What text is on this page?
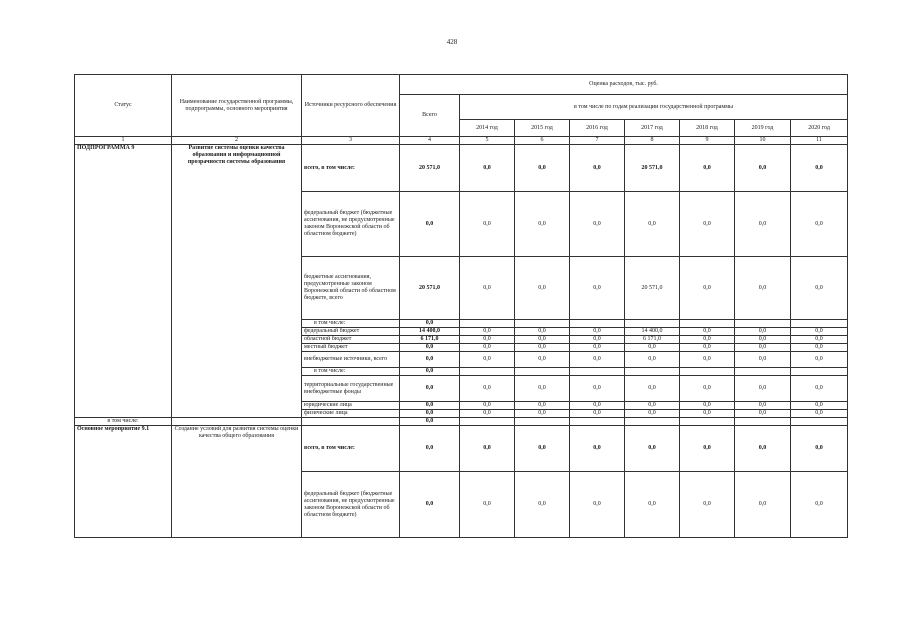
428
Статус	Наименование государственной программы, подпрограммы, основного мероприятия	Источники ресурсного обеспечения	Оценка расходов, тыс. руб.							
			Всего	в том числе по годам реализации государственной программы						
				2014 год	2015 год	2016 год	2017 год	2018 год	2019 год	2020 год
1	2	3	4	5	6	7	8	9	10	11
ПОДПРОГРАММА 9	Развитие системы оценки качества образования и информационной прозрачности системы образования	всего, в том числе:	20 571,0	0,0	0,0	0,0	20 571,0	0,0	0,0	0,0
		федеральный бюджет (бюджетные ассигнования, не предусмотренные законом Воронежской области об областном бюджете)	0,0	0,0	0,0	0,0	0,0	0,0	0,0	0,0
		бюджетные ассигнования, предусмотренные законом Воронежской области об областном бюджете, всего	20 571,0	0,0	0,0	0,0	20 571,0	0,0	0,0	0,0
		в том числе:	0,0							
		федеральный бюджет	14 400,0	0,0	0,0	0,0	14 400,0	0,0	0,0	0,0
		областной бюджет	6 171,0	0,0	0,0	0,0	6 171,0	0,0	0,0	0,0
		местный бюджет	0,0	0,0	0,0	0,0	0,0	0,0	0,0	0,0
		внебюджетные источники, всего	0,0	0,0	0,0	0,0	0,0	0,0	0,0	0,0
		в том числе:	0,0							
		территориальные государственные внебюджетные фонды	0,0	0,0	0,0	0,0	0,0	0,0	0,0	0,0
		юридические лица	0,0	0,0	0,0	0,0	0,0	0,0	0,0	0,0
		физические лица	0,0	0,0	0,0	0,0	0,0	0,0	0,0	0,0
в том числе:			0,0							
Основное мероприятие 9.1	Создание условий для развития системы оценки качества общего образования	всего, в том числе:	0,0	0,0	0,0	0,0	0,0	0,0	0,0	0,0
		федеральный бюджет (бюджетные ассигнования, не предусмотренные законом Воронежской области об областном бюджете)	0,0	0,0	0,0	0,0	0,0	0,0	0,0	0,0
